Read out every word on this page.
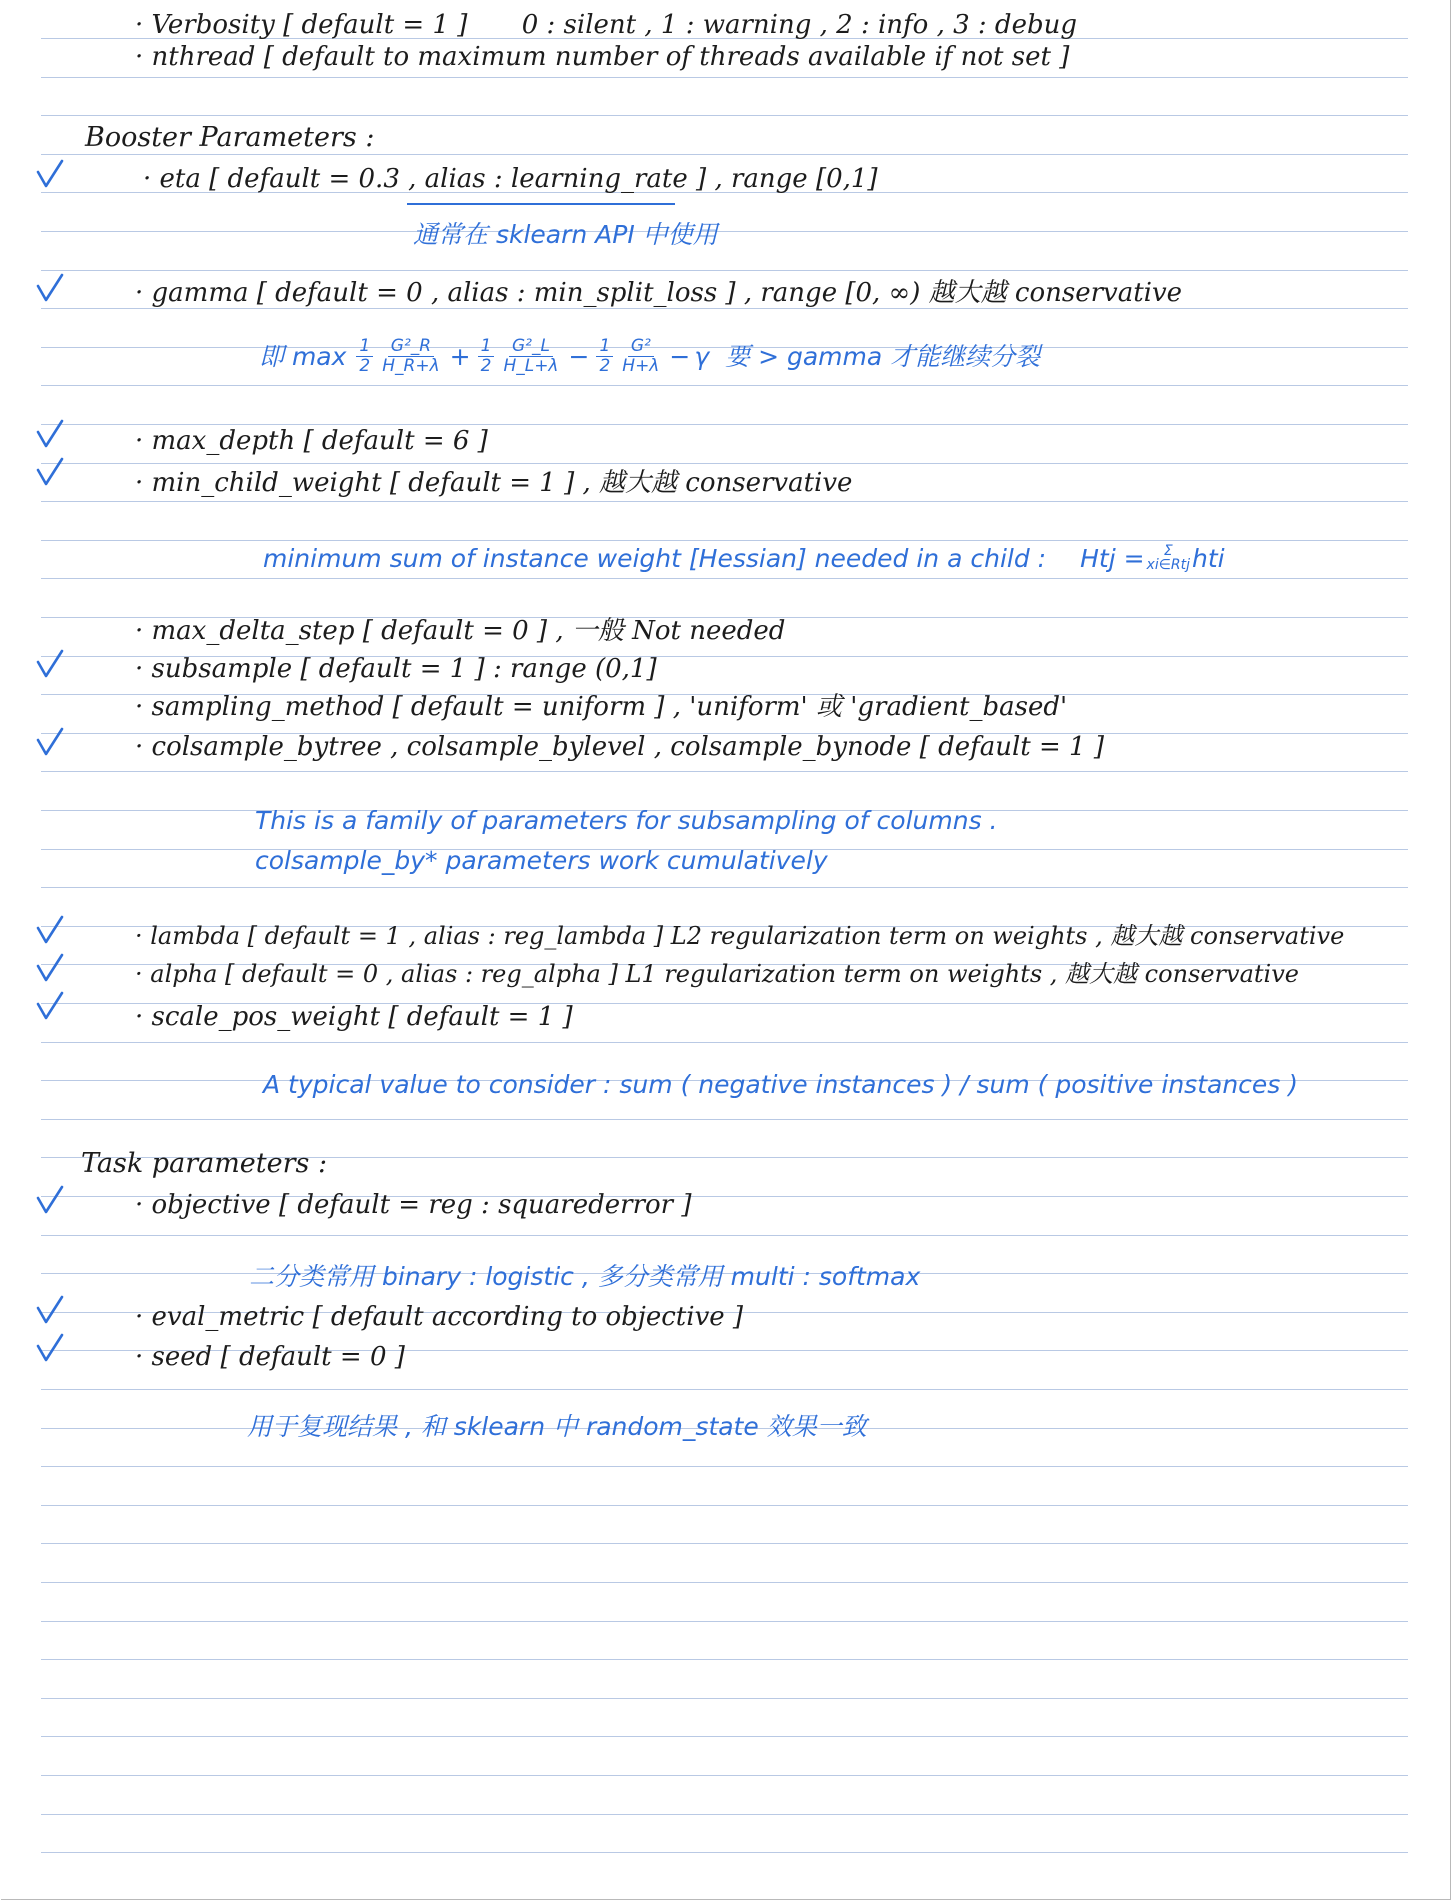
· Verbosity [ default = 1 ] 0 : silent , 1 : warning , 2 : info , 3 : debug
· nthread [ default to maximum number of threads available if not set ]
Booster Parameters :
· eta [ default = 0.3 , alias : learning_rate ] , range [0,1]
通常在 sklearn API 中使用
· gamma [ default = 0 , alias : min_split_loss ] , range [0, ∞) 越大越 conservative
即 $\max \frac{1}{2} \frac{\text{G²\_R}}{H\_R+\lambda} + \frac{1}{2} \frac{\text{G²\_L}}{H\_L+\lambda} - \frac{1}{2} \frac{\text{G²}}{H+\lambda} - \gamma$ 要 > gamma 才能继续分裂
· max_depth [ default = 6 ]
· min_child_weight [ default = 1 ] , 越大越 conservative
minimum sum of instance weight [Hessian] needed in a child : Htj =	Σ
xi∈Rtj hti
· max_delta_step [ default = 0 ] , 一般 Not needed
· subsample [ default = 1 ] : range (0,1]
· sampling_method [ default = uniform ] , 'uniform' 或 'gradient_based'
· colsample_bytree , colsample_bylevel , colsample_bynode [ default = 1 ]
This is a family of parameters for subsampling of columns .
colsample_by* parameters work cumulatively
· lambda [ default = 1 , alias : reg_lambda ] L2 regularization term on weights , 越大越 conservative
· alpha [ default = 0 , alias : reg_alpha ] L1 regularization term on weights , 越大越 conservative
· scale_pos_weight [ default = 1 ]
A typical value to consider : sum ( negative instances ) / sum ( positive instances )
Task parameters :
· objective [ default = reg : squarederror ]
二分类常用 binary : logistic , 多分类常用 multi : softmax
· eval_metric [ default according to objective ]
· seed [ default = 0 ]
用于复现结果 , 和 sklearn 中 random_state 效果一致
